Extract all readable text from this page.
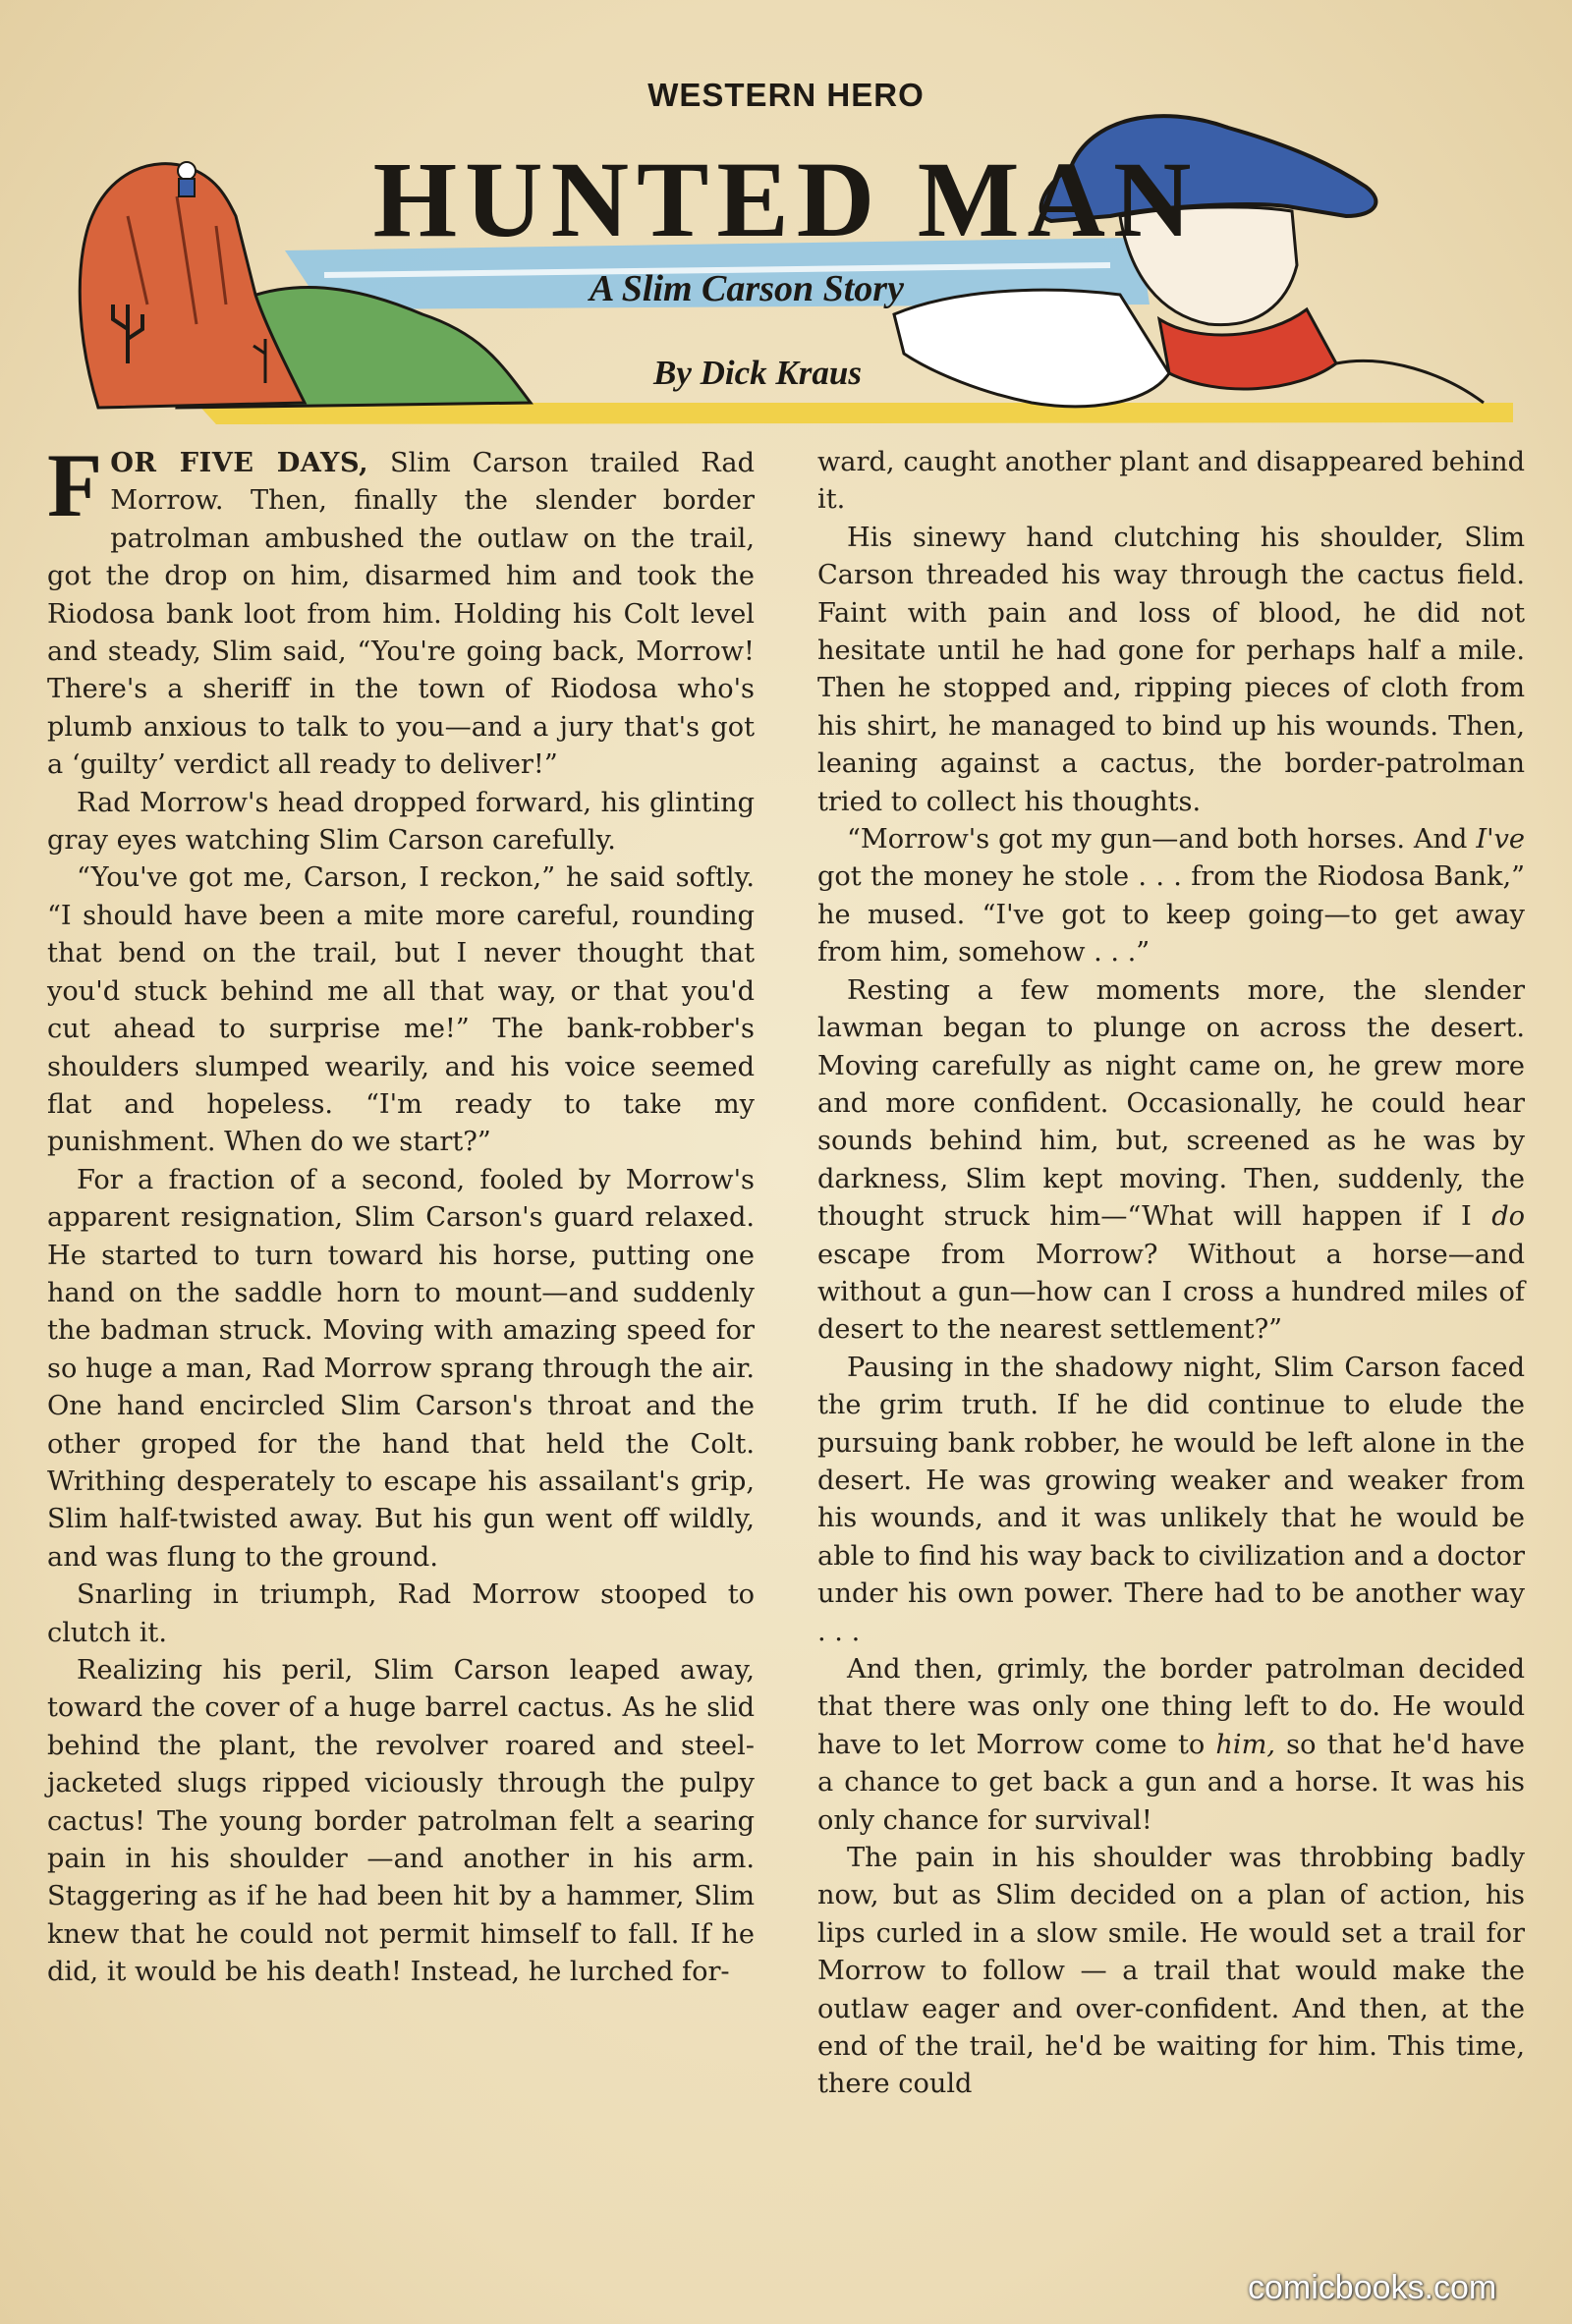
WESTERN HERO
HUNTED MAN
A Slim Carson Story
By Dick Kraus

FOR FIVE DAYS, Slim Carson trailed Rad Morrow. Then, finally the slender border patrolman ambushed the outlaw on the trail, got the drop on him, disarmed him and took the Riodosa bank loot from him. Holding his Colt level and steady, Slim said, “You're going back, Morrow! There's a sheriff in the town of Riodosa who's plumb anxious to talk to you—and a jury that's got a ‘guilty’ verdict all ready to deliver!”

Rad Morrow's head dropped forward, his glinting gray eyes watching Slim Carson carefully.

“You've got me, Carson, I reckon,” he said softly. “I should have been a mite more careful, rounding that bend on the trail, but I never thought that you'd stuck behind me all that way, or that you'd cut ahead to surprise me!” The bank-robber's shoulders slumped wearily, and his voice seemed flat and hopeless. “I'm ready to take my punishment. When do we start?”

For a fraction of a second, fooled by Morrow's apparent resignation, Slim Carson's guard relaxed. He started to turn toward his horse, putting one hand on the saddle horn to mount—and suddenly the badman struck. Moving with amazing speed for so huge a man, Rad Morrow sprang through the air. One hand encircled Slim Carson's throat and the other groped for the hand that held the Colt. Writhing desperately to escape his assailant's grip, Slim half-twisted away. But his gun went off wildly, and was flung to the ground.

Snarling in triumph, Rad Morrow stooped to clutch it.

Realizing his peril, Slim Carson leaped away, toward the cover of a huge barrel cactus. As he slid behind the plant, the revolver roared and steel-jacketed slugs ripped viciously through the pulpy cactus! The young border patrolman felt a searing pain in his shoulder —and another in his arm. Staggering as if he had been hit by a hammer, Slim knew that he could not permit himself to fall. If he did, it would be his death! Instead, he lurched for-

ward, caught another plant and disappeared behind it.

His sinewy hand clutching his shoulder, Slim Carson threaded his way through the cactus field. Faint with pain and loss of blood, he did not hesitate until he had gone for perhaps half a mile. Then he stopped and, ripping pieces of cloth from his shirt, he managed to bind up his wounds. Then, leaning against a cactus, the border-patrolman tried to collect his thoughts.

“Morrow's got my gun—and both horses. And I've got the money he stole . . . from the Riodosa Bank,” he mused. “I've got to keep going—to get away from him, somehow . . .”

Resting a few moments more, the slender lawman began to plunge on across the desert. Moving carefully as night came on, he grew more and more confident. Occasionally, he could hear sounds behind him, but, screened as he was by darkness, Slim kept moving. Then, suddenly, the thought struck him—“What will happen if I do escape from Morrow? Without a horse—and without a gun—how can I cross a hundred miles of desert to the nearest settlement?”

Pausing in the shadowy night, Slim Carson faced the grim truth. If he did continue to elude the pursuing bank robber, he would be left alone in the desert. He was growing weaker and weaker from his wounds, and it was unlikely that he would be able to find his way back to civilization and a doctor under his own power. There had to be another way . . .

And then, grimly, the border patrolman decided that there was only one thing left to do. He would have to let Morrow come to him, so that he'd have a chance to get back a gun and a horse. It was his only chance for survival!

The pain in his shoulder was throbbing badly now, but as Slim decided on a plan of action, his lips curled in a slow smile. He would set a trail for Morrow to follow — a trail that would make the outlaw eager and over-confident. And then, at the end of the trail, he'd be waiting for him. This time, there could

comicbooks.com
